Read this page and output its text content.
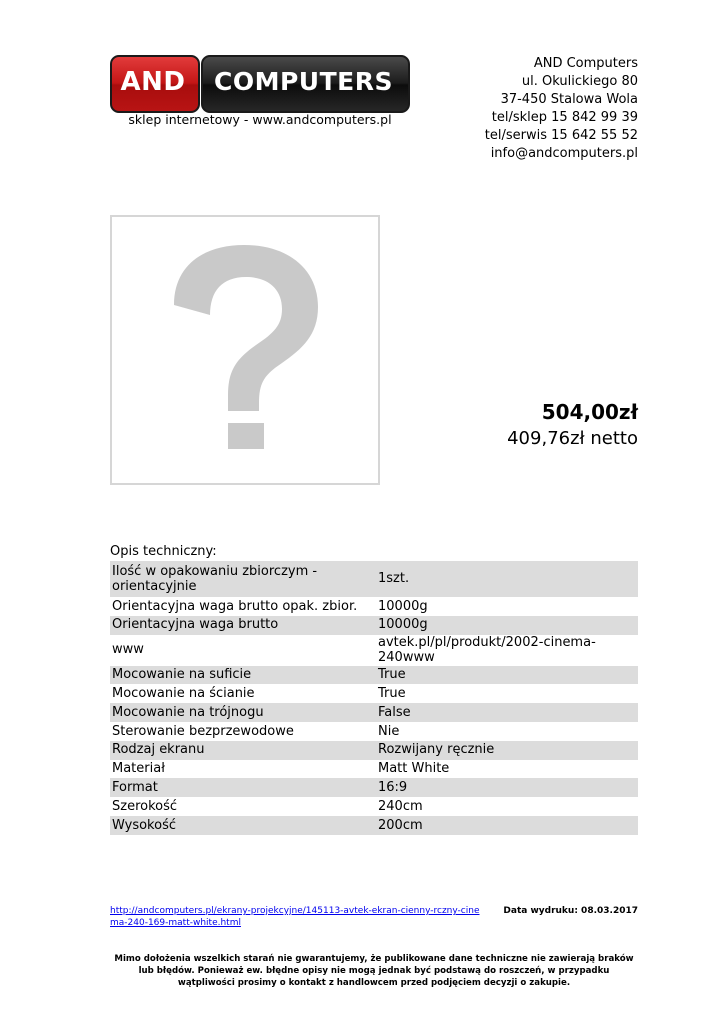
AND	COMPUTERS
sklep internetowy - www.andcomputers.pl
AND Computers
ul. Okulickiego 80
37-450 Stalowa Wola
tel/sklep 15 842 99 39
tel/serwis 15 642 55 52
info@andcomputers.pl
504,00zł
409,76zł netto
Opis techniczny:
Ilość w opakowaniu zbiorczym - orientacyjnie	1szt.
Orientacyjna waga brutto opak. zbior.	10000g
Orientacyjna waga brutto	10000g
www	avtek.pl/pl/produkt/2002-cinema-240www
Mocowanie na suficie	True
Mocowanie na ścianie	True
Mocowanie na trójnogu	False
Sterowanie bezprzewodowe	Nie
Rodzaj ekranu	Rozwijany ręcznie
Materiał	Matt White
Format	16:9
Szerokość	240cm
Wysokość	200cm
http://andcomputers.pl/ekrany-projekcyjne/145113-avtek-ekran-cienny-rczny-cinema-240-169-matt-white.html
Data wydruku: 08.03.2017
Mimo dołożenia wszelkich starań nie gwarantujemy, że publikowane dane techniczne nie zawierają braków lub błędów. Ponieważ ew. błędne opisy nie mogą jednak być podstawą do roszczeń, w przypadku wątpliwości prosimy o kontakt z handlowcem przed podjęciem decyzji o zakupie.
